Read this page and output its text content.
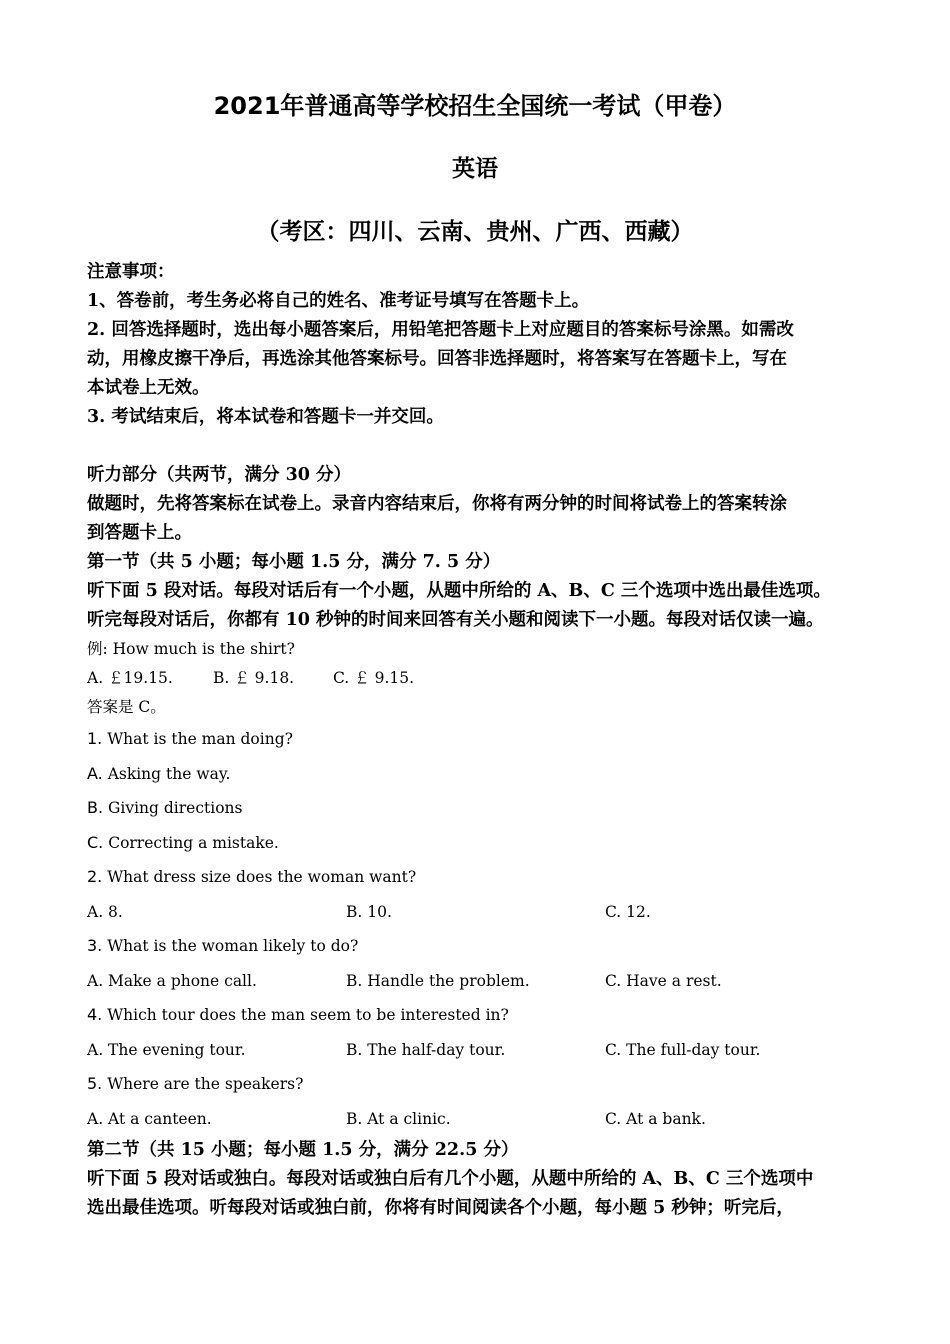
2021年普通高等学校招生全国统一考试（甲卷）
英语
（考区：四川、云南、贵州、广西、西藏）
注意事项：
1、答卷前，考生务必将自己的姓名、准考证号填写在答题卡上。
2. 回答选择题时，选出每小题答案后，用铅笔把答题卡上对应题目的答案标号涂黑。如需改
动，用橡皮擦干净后，再选涂其他答案标号。回答非选择题时，将答案写在答题卡上，写在
本试卷上无效。
3. 考试结束后，将本试卷和答题卡一并交回。
听力部分（共两节，满分 30 分）
做题时，先将答案标在试卷上。录音内容结束后，你将有两分钟的时间将试卷上的答案转涂
到答题卡上。
第一节（共 5 小题；每小题 1.5 分，满分 7. 5 分）
听下面 5 段对话。每段对话后有一个小题，从题中所给的 A、B、C 三个选项中选出最佳选项。
听完每段对话后，你都有 10 秒钟的时间来回答有关小题和阅读下一小题。每段对话仅读一遍。
例: How much is the shirt?
A. ￡19.15.	B. ￡ 9.18.	C. ￡ 9.15.
答案是 C。
1. What is the man doing?
A. Asking the way.
B. Giving directions
C. Correcting a mistake.
2. What dress size does the woman want?
A. 8.	B. 10.	C. 12.
3. What is the woman likely to do?
A. Make a phone call.	B. Handle the problem.	C. Have a rest.
4. Which tour does the man seem to be interested in?
A. The evening tour.	B. The half-day tour.	C. The full-day tour.
5. Where are the speakers?
A. At a canteen.	B. At a clinic.	C. At a bank.
第二节（共 15 小题；每小题 1.5 分，满分 22.5 分）
听下面 5 段对话或独白。每段对话或独白后有几个小题，从题中所给的 A、B、C 三个选项中
选出最佳选项。听每段对话或独白前，你将有时间阅读各个小题，每小题 5 秒钟；听完后，
